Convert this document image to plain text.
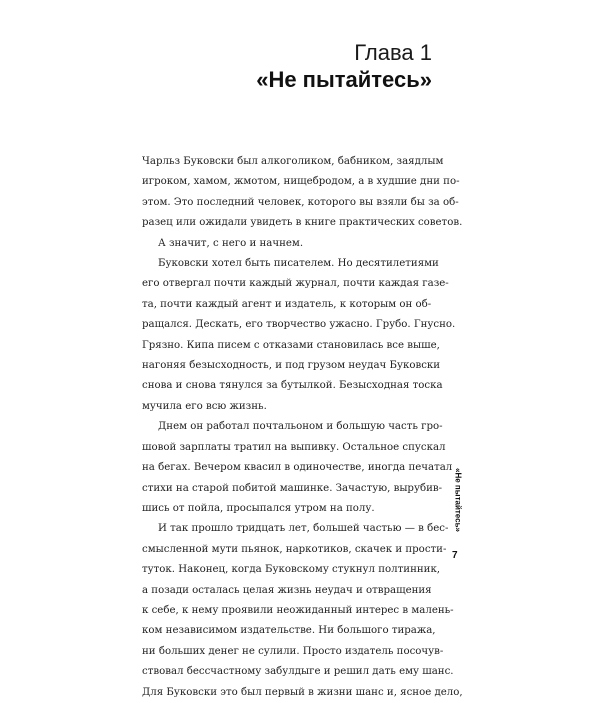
Глава 1
«Не пытайтесь»
Чарльз Буковски был алкоголиком, бабником, заядлым
игроком, хамом, жмотом, нищебродом, а в худшие дни по-
этом. Это последний человек, которого вы взяли бы за об-
разец или ожидали увидеть в книге практических советов.
А значит, с него и начнем.
Буковски хотел быть писателем. Но десятилетиями
его отвергал почти каждый журнал, почти каждая газе-
та, почти каждый агент и издатель, к которым он об-
ращался. Дескать, его творчество ужасно. Грубо. Гнусно.
Грязно. Кипа писем с отказами становилась все выше,
нагоняя безысходность, и под грузом неудач Буковски
снова и снова тянулся за бутылкой. Безысходная тоска
мучила его всю жизнь.
Днем он работал почтальоном и большую часть гро-
шовой зарплаты тратил на выпивку. Остальное спускал
на бегах. Вечером квасил в одиночестве, иногда печатал
стихи на старой побитой машинке. Зачастую, вырубив-
шись от пойла, просыпался утром на полу.
И так прошло тридцать лет, большей частью — в бес-
смысленной мути пьянок, наркотиков, скачек и прости-
туток. Наконец, когда Буковскому стукнул полтинник,
а позади осталась целая жизнь неудач и отвращения
к себе, к нему проявили неожиданный интерес в малень-
ком независимом издательстве. Ни большого тиража,
ни больших денег не сулили. Просто издатель посочув-
ствовал бессчастному забулдыге и решил дать ему шанс.
Для Буковски это был первый в жизни шанс и, ясное дело,
«Не пытайтесь»
7
